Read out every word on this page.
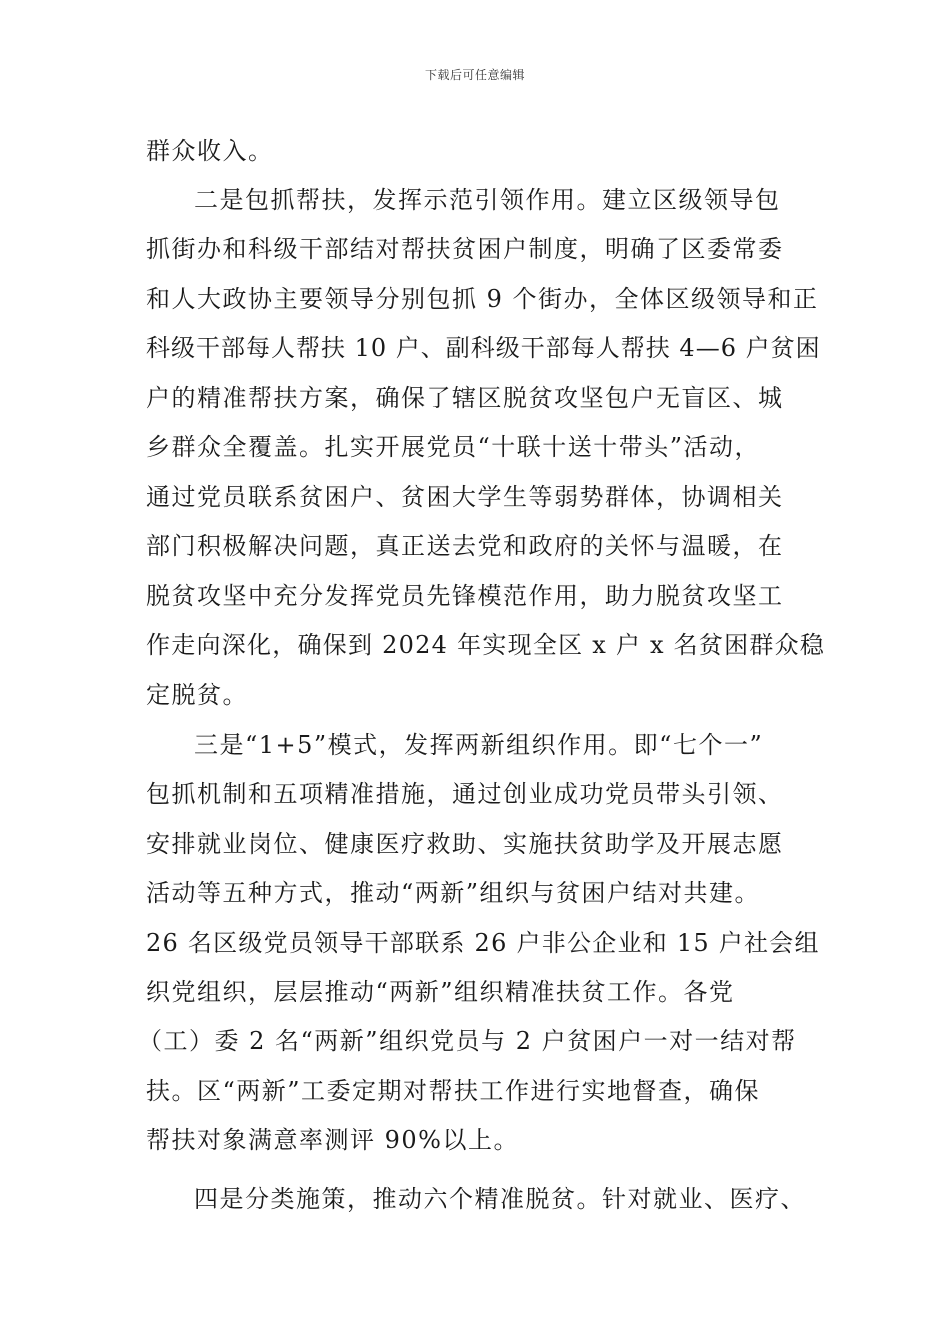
下载后可任意编辑
群众收入。
二是包抓帮扶，发挥示范引领作用。建立区级领导包
抓街办和科级干部结对帮扶贫困户制度，明确了区委常委
和人大政协主要领导分别包抓 9 个街办，全体区级领导和正
科级干部每人帮扶 10 户、副科级干部每人帮扶 4—6 户贫困
户的精准帮扶方案，确保了辖区脱贫攻坚包户无盲区、城
乡群众全覆盖。扎实开展党员“十联十送十带头”活动，
通过党员联系贫困户、贫困大学生等弱势群体，协调相关
部门积极解决问题，真正送去党和政府的关怀与温暖，在
脱贫攻坚中充分发挥党员先锋模范作用，助力脱贫攻坚工
作走向深化，确保到 2024 年实现全区 x 户 x 名贫困群众稳
定脱贫。
三是“1+5”模式，发挥两新组织作用。即“七个一”
包抓机制和五项精准措施，通过创业成功党员带头引领、
安排就业岗位、健康医疗救助、实施扶贫助学及开展志愿
活动等五种方式，推动“两新”组织与贫困户结对共建。
26 名区级党员领导干部联系 26 户非公企业和 15 户社会组
织党组织，层层推动“两新”组织精准扶贫工作。各党
（工）委 2 名“两新”组织党员与 2 户贫困户一对一结对帮
扶。区“两新”工委定期对帮扶工作进行实地督查，确保
帮扶对象满意率测评 90%以上。
四是分类施策，推动六个精准脱贫。针对就业、医疗、
